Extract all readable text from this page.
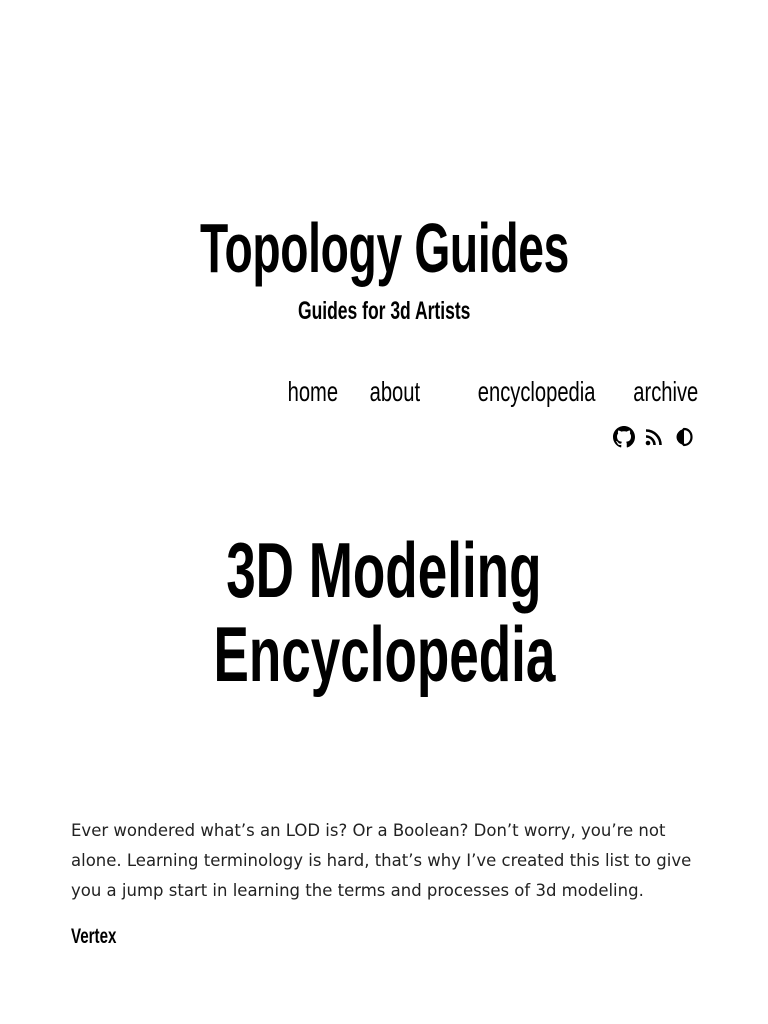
Topology Guides
Guides for 3d Artists
home about encyclopedia archive
3D Modeling
Encyclopedia

Ever wondered what’s an LOD is? Or a Boolean? Don’t worry, you’re not alone. Learning terminology is hard, that’s why I’ve created this list to give you a jump start in learning the terms and processes of 3d modeling.

Vertex
